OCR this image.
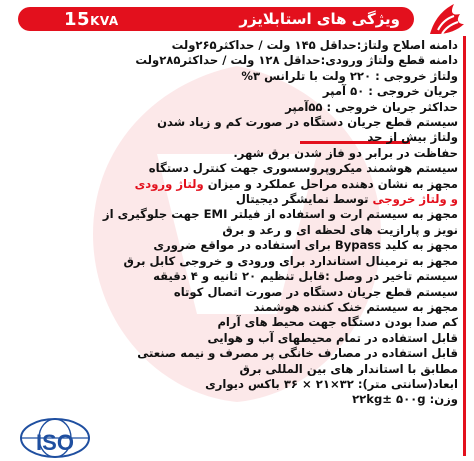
15KVA	ویژگی های استابلایزر
دامنه اصلاح ولتاژ:حداقل ۱۴۵ ولت / حداکثر۲۶۵ولت
دامنه قطع ولتاژ ورودی:حداقل ۱۲۸ ولت / حداکثر۲۸۵ولت
ولتاژ خروجی : ۲۲۰ ولت با تلرانس ۳%
جریان خروجی : ۵۰ آمپر
حداکثر جریان خروجی : ۵۵آمپر
سیستم قطع جریان دستگاه در صورت کم و زیاد شدن
ولتاژ بیش از حد
حفاظت در برابر دو فاز شدن برق شهر.
سیستم هوشمند میکروپروسسوری جهت کنترل دستگاه
مجهز به نشان دهنده مراحل عملکرد و میزان ولتاژ ورودی
و ولتاژ خروجی توسط نمایشگر دیجیتال
مجهز به سیستم ارت و استفاده از فیلتر EMI جهت جلوگیری از
نویز و پارازیت های لحظه ای و رعد و برق
مجهز به کلید Bypass برای استفاده در مواقع ضروری
مجهز به ترمینال استاندارد برای ورودی و خروجی کابل برق
سیستم تاخیر در وصل :قابل تنظیم ۲۰ ثانیه و ۴ دقیقه
سیستم قطع جریان دستگاه در صورت اتصال کوتاه
مجهز به سیستم خنک کننده هوشمند
کم صدا بودن دستگاه جهت محیط های آرام
قابل استفاده در تمام محیطهای آب و هوایی
قابل استفاده در مصارف خانگی پر مصرف و نیمه صنعتی
مطابق با استاندار های بین المللی برق
ابعاد(سانتی متر): ۳۲×۲۱ × ۳۶ باکس دیواری
وزن: ۲۲kg± ۵۰۰g
ISO
